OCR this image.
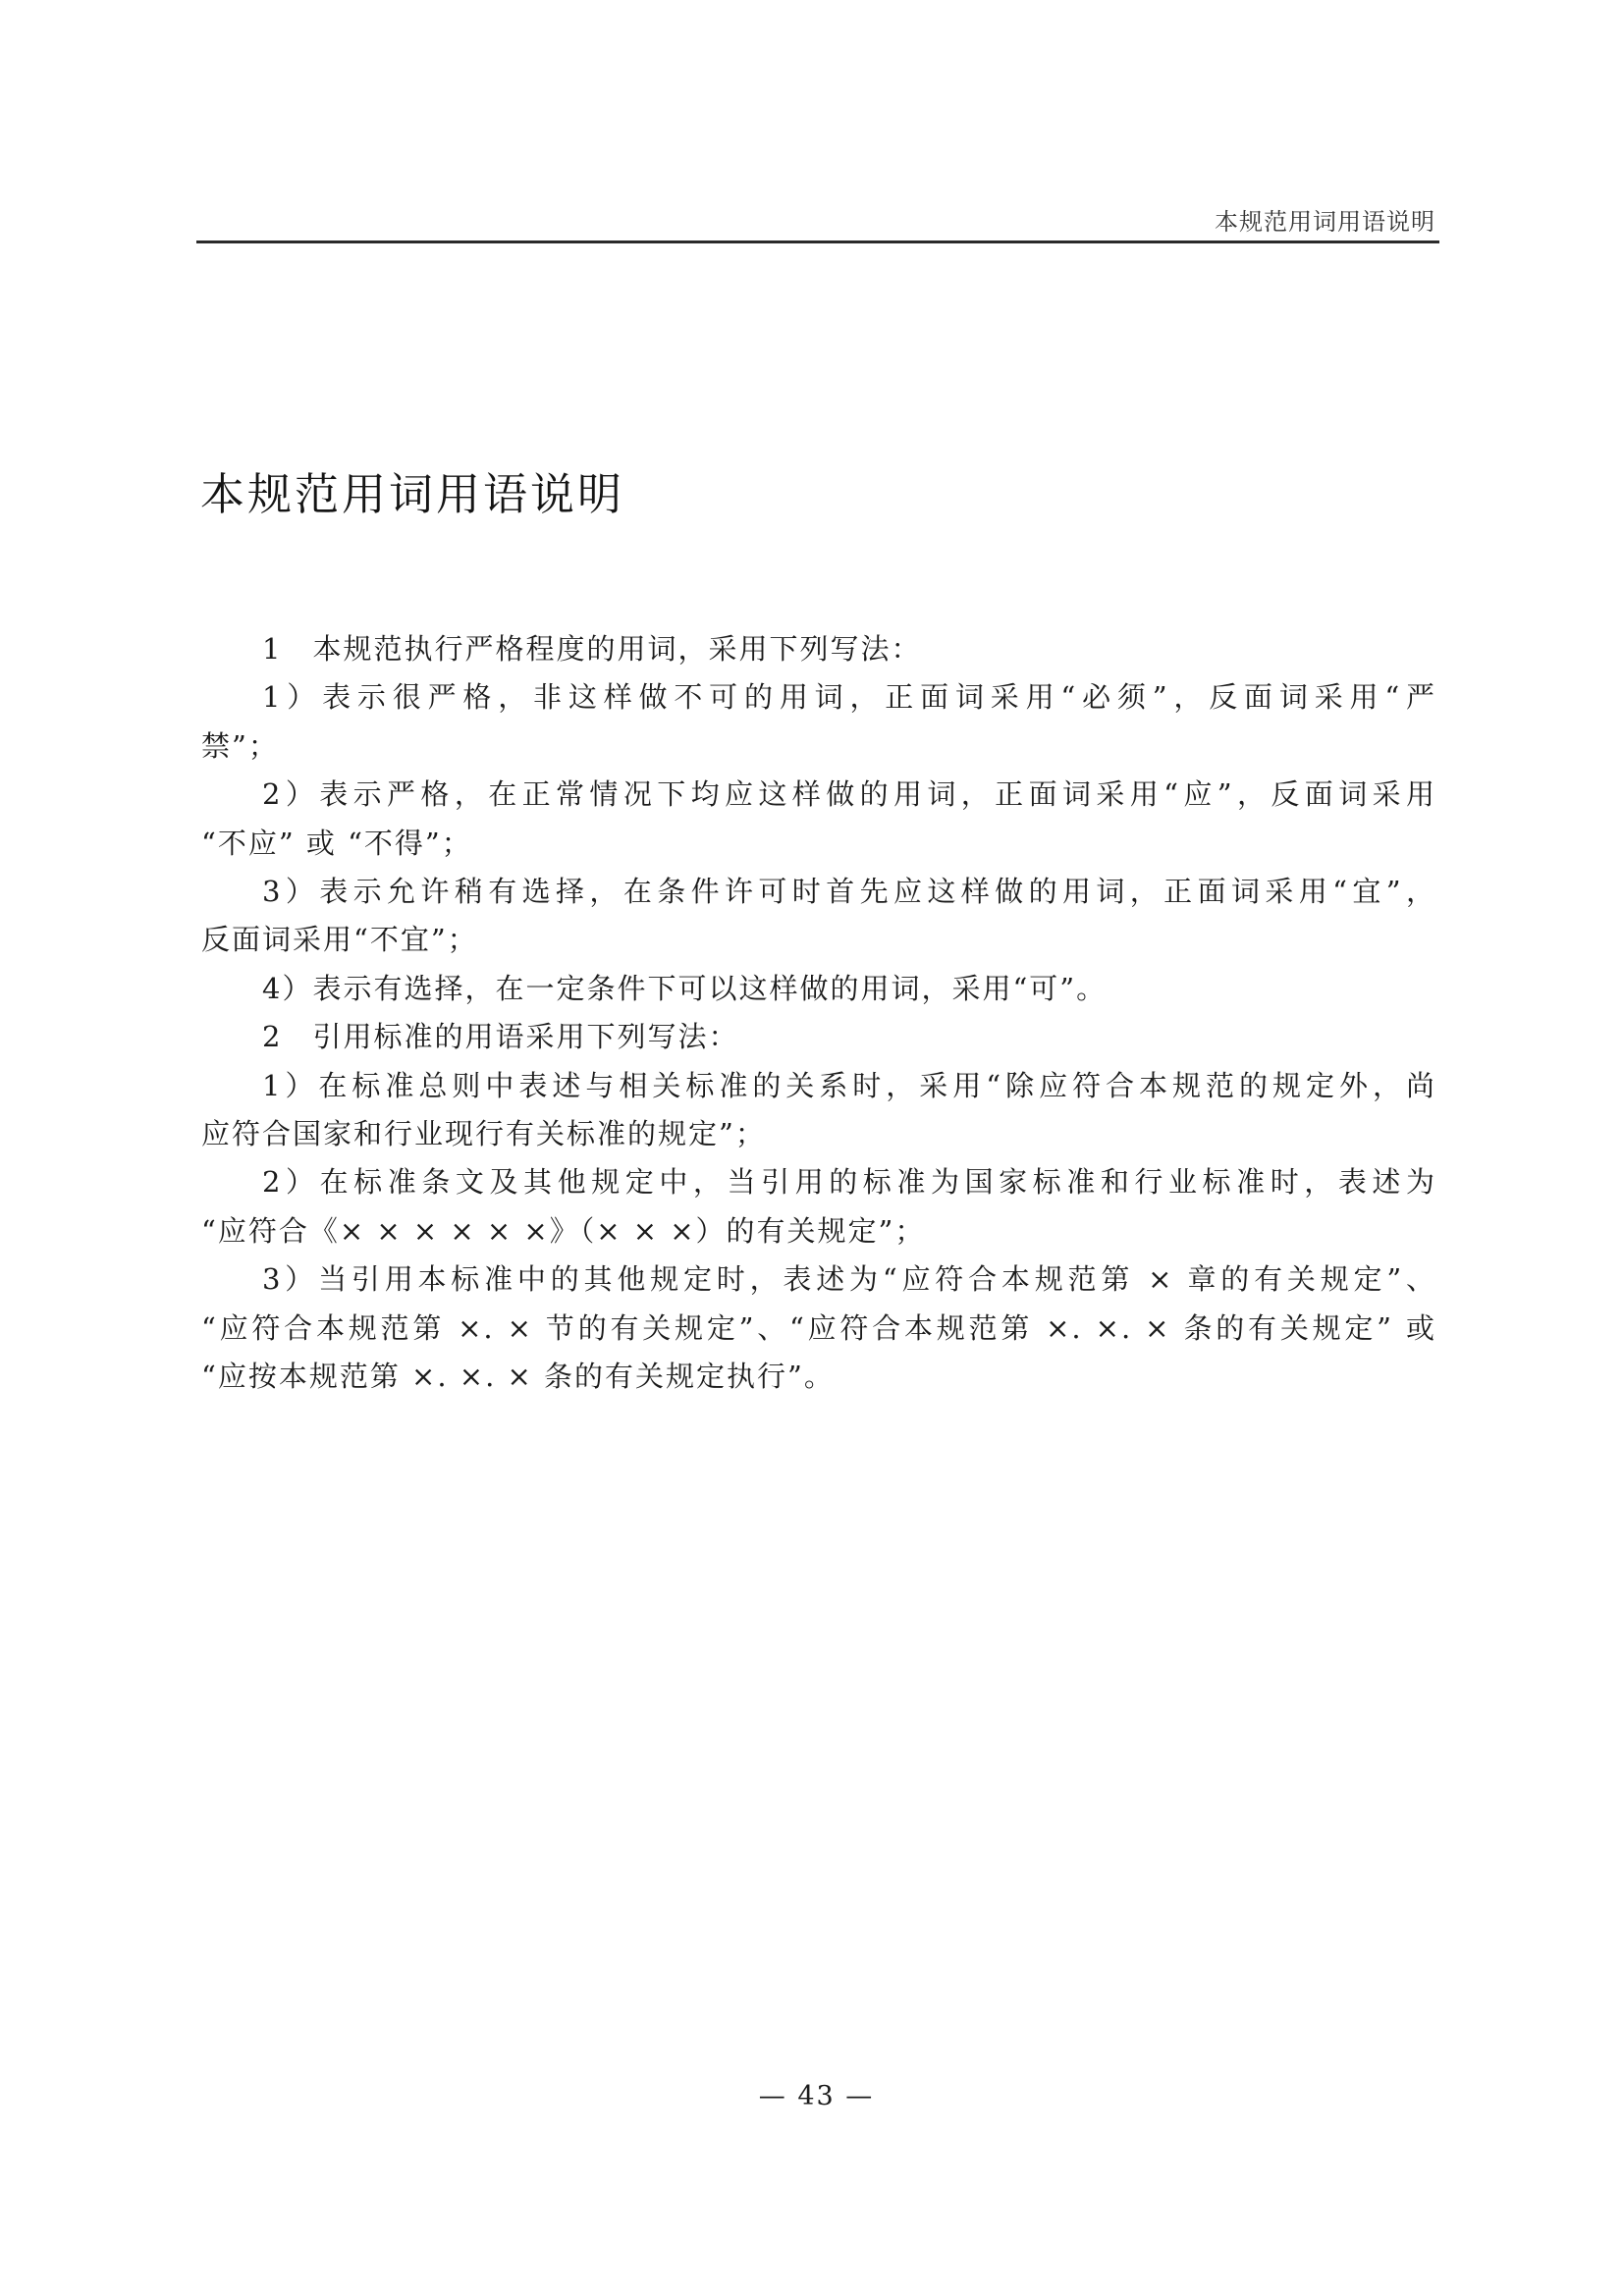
本规范用词用语说明
本规范用词用语说明

1　本规范执行严格程度的用词，采用下列写法：

1）表示很严格，非这样做不可的用词，正面词采用“必须”，反面词采用“严

禁”；

2）表示严格，在正常情况下均应这样做的用词，正面词采用“应”，反面词采用

“不应” 或 “不得”；

3）表示允许稍有选择，在条件许可时首先应这样做的用词，正面词采用“宜”，

反面词采用“不宜”；

4）表示有选择，在一定条件下可以这样做的用词，采用“可”。

2　引用标准的用语采用下列写法：

1）在标准总则中表述与相关标准的关系时，采用“除应符合本规范的规定外，尚

应符合国家和行业现行有关标准的规定”；

2）在标准条文及其他规定中，当引用的标准为国家标准和行业标准时，表述为

“应符合《× × × × × ×》（× × ×）的有关规定”；

3）当引用本标准中的其他规定时，表述为“应符合本规范第 × 章的有关规定”、

“应符合本规范第 ×. × 节的有关规定”、“应符合本规范第 ×. ×. × 条的有关规定” 或

“应按本规范第 ×. ×. × 条的有关规定执行”。

— 43 —
